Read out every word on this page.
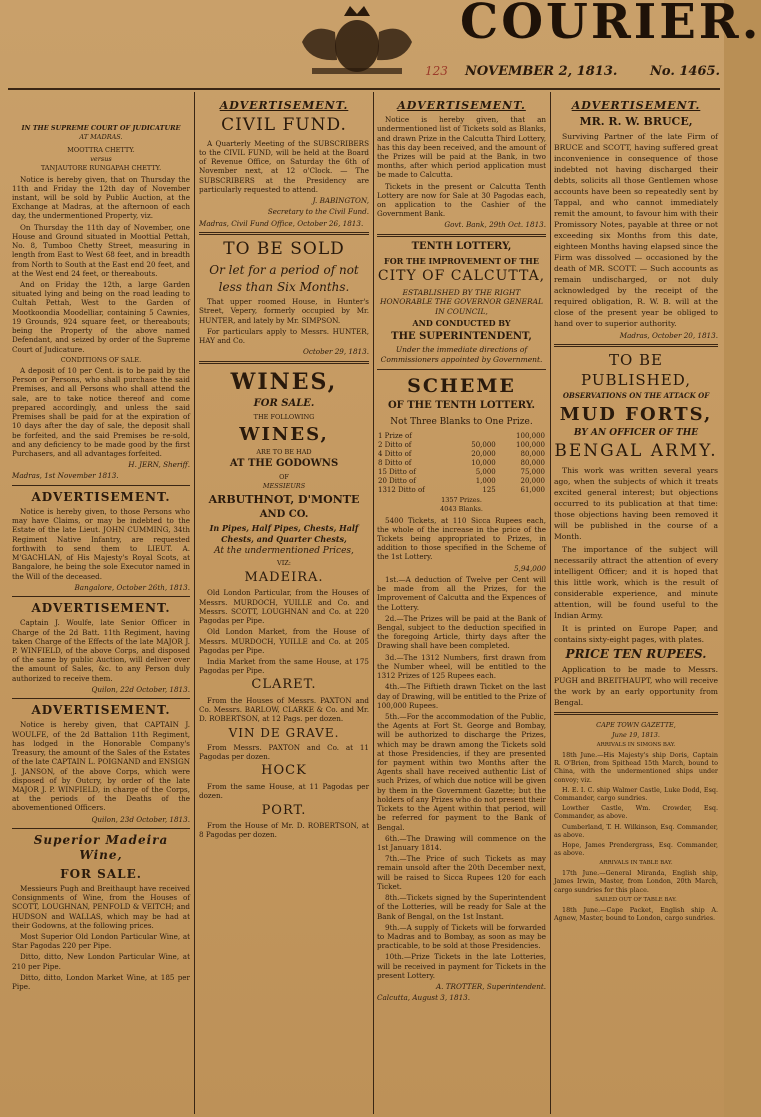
COURIER.
123 NOVEMBER 2, 1813.	No. 1465.
IN THE SUPREME COURT OF JUDICATURE
AT MADRAS.
MOOTTRA CHETTY.
versus
TANJAUTORE RUNGAPAH CHETTY.

Notice is hereby given, that on Thursday the 11th and Friday the 12th day of November instant, will be sold by Public Auction, at the Exchange at Madras, at the afternoon of each day, the undermentioned Property, viz.

On Thursday the 11th day of November, one House and Ground situated in Moottial Pettah, No. 8, Tumboo Chetty Street, measuring in length from East to West 68 feet, and in breadth from North to South at the East end 20 feet, and at the West end 24 feet, or thereabouts.

And on Friday the 12th, a large Garden situated lying and being on the road leading to Cultah Pettah, West to the Garden of Mootkoondia Moodelliar, containing 5 Cawnies, 19 Grounds, 924 square feet, or thereabouts; being the Property of the above named Defendant, and seized by order of the Supreme Court of Judicature.

CONDITIONS OF SALE.

A deposit of 10 per Cent. is to be paid by the Person or Persons, who shall purchase the said Premises, and all Persons who shall attend the sale, are to take notice thereof and come prepared accordingly, and unless the said Premises shall be paid for at the expiration of 10 days after the day of sale, the deposit shall be forfeited, and the said Premises be re-sold, and any deficiency to be made good by the first Purchasers, and all advantages forfeited.

H. JERN, Sheriff.

Madras, 1st November 1813.

ADVERTISEMENT.

Notice is hereby given, to those Persons who may have Claims, or may be indebted to the Estate of the late Lieut. JOHN CUMMING, 34th Regiment Native Infantry, are requested forthwith to send them to LIEUT. A. M'GACHLAN, of His Majesty's Royal Scots, at Bangalore, he being the sole Executor named in the Will of the deceased.

Bangalore, October 26th, 1813.

ADVERTISEMENT.

Captain J. Woulfe, late Senior Officer in Charge of the 2d Batt. 11th Regiment, having taken Charge of the Effects of the late MAJOR J. P. WINFIELD, of the above Corps, and disposed of the same by public Auction, will deliver over the amount of Sales, &c. to any Person duly authorized to receive them.

Quilon, 22d October, 1813.

ADVERTISEMENT.

Notice is hereby given, that CAPTAIN J. WOULFE, of the 2d Battalion 11th Regiment, has lodged in the Honorable Company's Treasury, the amount of the Sales of the Estates of the late CAPTAIN L. POIGNAND and ENSIGN J. JANSON, of the above Corps, which were disposed of by Outcry, by order of the late MAJOR J. P. WINFIELD, in charge of the Corps, at the periods of the Deaths of the abovementioned Officers.

Quilon, 23d October, 1813.

Superior Madeira Wine,
FOR SALE.

Messieurs Pugh and Breithaupt have received Consignments of Wine, from the Houses of SCOTT, LOUGHNAN, PENFOLD & VEITCH; and HUDSON and WALLAS, which may be had at their Godowns, at the following prices.

Most Superior Old London Particular Wine, at Star Pagodas 220 per Pipe.

Ditto, ditto, New London Particular Wine, at 210 per Pipe.

Ditto, ditto, London Market Wine, at 185 per Pipe.

ADVERTISEMENT.
CIVIL FUND.

A Quarterly Meeting of the SUBSCRIBERS to the CIVIL FUND, will be held at the Board of Revenue Office, on Saturday the 6th of November next, at 12 o'Clock. — The SUBSCRIBERS at the Presidency are particularly requested to attend.

J. BABINGTON,

Secretary to the Civil Fund.

Madras, Civil Fund Office, October 26, 1813.

TO BE SOLD
Or let for a period of not
less than Six Months.

That upper roomed House, in Hunter's Street, Vepery, formerly occupied by Mr. HUNTER, and lately by Mr. SIMPSON.

For particulars apply to Messrs. HUNTER, HAY and Co.

October 29, 1813.

WINES,
FOR SALE.
THE FOLLOWING
WINES,
ARE TO BE HAD
AT THE GODOWNS
OF
MESSIEURS
ARBUTHNOT, D'MONTE
AND CO.
In Pipes, Half Pipes, Chests, Half Chests, and Quarter Chests,
At the undermentioned Prices,
VIZ:
MADEIRA.

Old London Particular, from the Houses of Messrs. MURDOCH, YUILLE and Co. and Messrs. SCOTT, LOUGHNAN and Co. at 220 Pagodas per Pipe.

Old London Market, from the House of Messrs. MURDOCH, YUILLE and Co. at 205 Pagodas per Pipe.

India Market from the same House, at 175 Pagodas per Pipe.

CLARET.

From the Houses of Messrs. PAXTON and Co. Messrs. BARLOW, CLARKE & Co. and Mr. D. ROBERTSON, at 12 Pags. per dozen.

VIN DE GRAVE.

From Messrs. PAXTON and Co. at 11 Pagodas per dozen.

HOCK

From the same House, at 11 Pagodas per dozen.

PORT.

From the House of Mr. D. ROBERTSON, at 8 Pagodas per dozen.

ADVERTISEMENT.

Notice is hereby given, that an undermentioned list of Tickets sold as Blanks, and drawn Prize in the Calcutta Third Lottery, has this day been received, and the amount of the Prizes will be paid at the Bank, in two months, after which period application must be made to Calcutta.

Tickets in the present or Calcutta Tenth Lottery are now for Sale at 30 Pagodas each, on application to the Cashier of the Government Bank.

Govt. Bank, 29th Oct. 1813.

TENTH LOTTERY,
FOR THE IMPROVEMENT OF THE
CITY OF CALCUTTA,
ESTABLISHED BY THE RIGHT HONORABLE THE GOVERNOR GENERAL IN COUNCIL,
AND CONDUCTED BY
THE SUPERINTENDENT,
Under the immediate directions of Commissioners appointed by Government.
SCHEME
OF THE TENTH LOTTERY.
Not Three Blanks to One Prize.
1 Prize of		100,000
2 Ditto of	50,000	100,000
4 Ditto of	20,000	80,000
8 Ditto of	10,000	80,000
15 Ditto of	5,000	75,000
20 Ditto of	1,000	20,000
1312 Ditto of	125	61,000
1357 Prizes.
4043 Blanks.

5400 Tickets, at 110 Sicca Rupees each, the whole of the increase in the price of the Tickets being appropriated to Prizes, in addition to those specified in the Scheme of the 1st Lottery.

5,94,000

1st.—A deduction of Twelve per Cent will be made from all the Prizes, for the Improvement of Calcutta and the Expences of the Lottery.

2d.—The Prizes will be paid at the Bank of Bengal, subject to the deduction specified in the foregoing Article, thirty days after the Drawing shall have been completed.

3d.—The 1312 Numbers, first drawn from the Number wheel, will be entitled to the 1312 Prizes of 125 Rupees each.

4th.—The Fiftieth drawn Ticket on the last day of Drawing, will be entitled to the Prize of 100,000 Rupees.

5th.—For the accommodation of the Public, the Agents at Fort St. George and Bombay, will be authorized to discharge the Prizes, which may be drawn among the Tickets sold at those Presidencies, if they are presented for payment within two Months after the Agents shall have received authentic List of such Prizes, of which due notice will be given by them in the Government Gazette; but the holders of any Prizes who do not present their Tickets to the Agent within that period, will be referred for payment to the Bank of Bengal.

6th.—The Drawing will commence on the 1st January 1814.

7th.—The Price of such Tickets as may remain unsold after the 20th December next, will be raised to Sicca Rupees 120 for each Ticket.

8th.—Tickets signed by the Superintendent of the Lotteries, will be ready for Sale at the Bank of Bengal, on the 1st Instant.

9th.—A supply of Tickets will be forwarded to Madras and to Bombay, as soon as may be practicable, to be sold at those Presidencies.

10th.—Prize Tickets in the late Lotteries, will be received in payment for Tickets in the present Lottery.

A. TROTTER, Superintendent.

Calcutta, August 3, 1813.

ADVERTISEMENT.
MR. R. W. BRUCE,

Surviving Partner of the late Firm of BRUCE and SCOTT, having suffered great inconvenience in consequence of those indebted not having discharged their debts, solicits all those Gentlemen whose accounts have been so repeatedly sent by Tappal, and who cannot immediately remit the amount, to favour him with their Promissory Notes, payable at three or not exceeding six Months from this date, eighteen Months having elapsed since the Firm was dissolved — occasioned by the death of MR. SCOTT. — Such accounts as remain undischarged, or not duly acknowledged by the receipt of the required obligation, R. W. B. will at the close of the present year be obliged to hand over to superior authority.

Madras, October 20, 1813.

TO BE PUBLISHED,
OBSERVATIONS ON THE ATTACK OF
MUD FORTS,
BY AN OFFICER OF THE
BENGAL ARMY.

This work was written several years ago, when the subjects of which it treats excited general interest; but objections occurred to its publication at that time: those objections having been removed it will be published in the course of a Month.

The importance of the subject will necessarily attract the attention of every intelligent Officer; and it is hoped that this little work, which is the result of considerable experience, and minute attention, will be found useful to the Indian Army.

It is printed on Europe Paper, and contains sixty-eight pages, with plates.

PRICE TEN RUPEES.

Application to be made to Messrs. PUGH and BREITHAUPT, who will receive the work by an early opportunity from Bengal.

CAPE TOWN GAZETTE,
June 19, 1813.
ARRIVALS IN SIMONS BAY.

18th June.—His Majesty's ship Doris, Captain R. O'Brien, from Spithead 15th March, bound to China, with the undermentioned ships under convoy; viz.

H. E. I. C. ship Walmer Castle, Luke Dodd, Esq. Commander, cargo sundries.

Lowther Castle, Wm. Crowder, Esq. Commander, as above.

Cumberland, T. H. Wilkinson, Esq. Commander, as above.

Hope, James Prendergrass, Esq. Commander, as above.

ARRIVALS IN TABLE BAY.

17th June.—General Miranda, English ship, James Irwin, Master, from London, 20th March, cargo sundries for this place.

SAILED OUT OF TABLE BAY.

18th June.—Cape Packet, English ship A. Agnew, Master, bound to London, cargo sundries.
